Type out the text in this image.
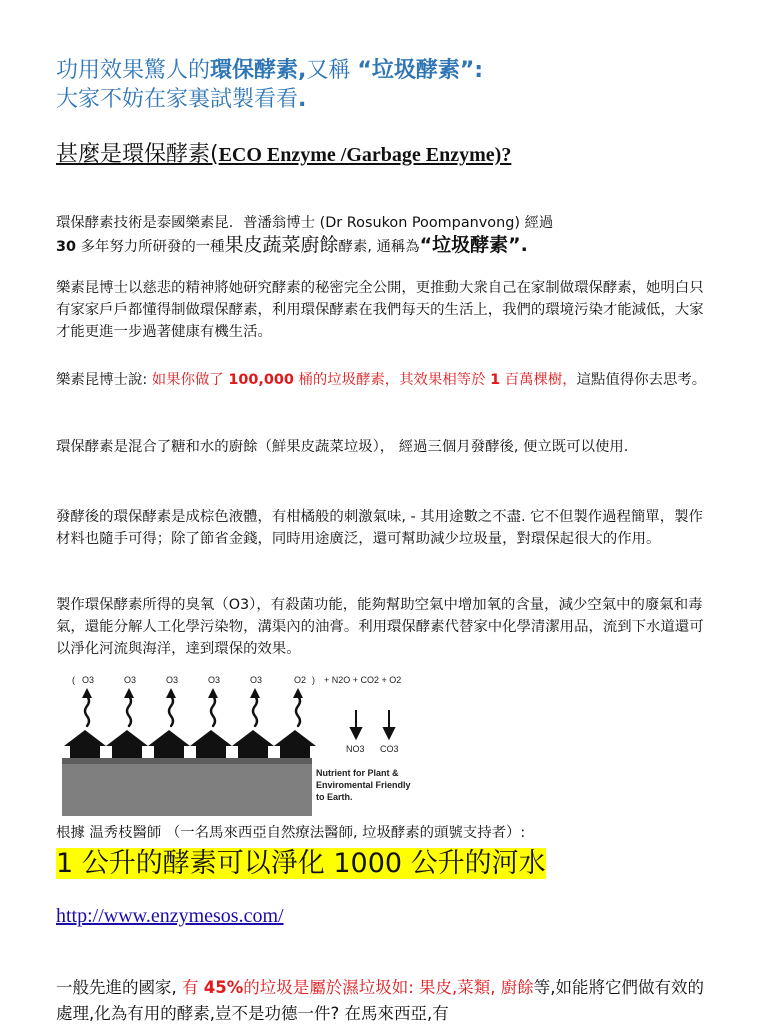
功用效果驚人的環保酵素,又稱 “垃圾酵素”:
大家不妨在家裏試製看看.
甚麼是環保酵素(ECO Enzyme /Garbage Enzyme)?
環保酵素技術是泰國樂素昆．普潘翁博士 (Dr Rosukon Poompanvong) 經過
30 多年努力所研發的一種果皮蔬菜廚餘酵素, 通稱為“垃圾酵素”.
樂素昆博士以慈悲的精神將她研究酵素的秘密完全公開，更推動大衆自己在家制做環保酵素，她明白只有家家戶戶都懂得制做環保酵素，利用環保酵素在我們每天的生活上，我們的環境污染才能減低，大家才能更進一步過著健康有機生活。
樂素昆博士說: 如果你做了 100,000 桶的垃圾酵素，其效果相等於 1 百萬棵樹，這點值得你去思考。
環保酵素是混合了糖和水的廚餘（鮮果皮蔬菜垃圾）， 經過三個月發酵後, 便立既可以使用.
發酵後的環保酵素是成棕色液體，有柑橘般的刺激氣味, - 其用途數之不盡. 它不但製作過程簡單，製作材料也隨手可得；除了節省金錢，同時用途廣泛，還可幫助減少垃圾量，對環保起很大的作用。
製作環保酵素所得的臭氧（O3），有殺菌功能，能夠幫助空氣中增加氧的含量，減少空氣中的廢氣和毒氣，還能分解人工化學污染物，溝渠內的油膏。利用環保酵素代替家中化學清潔用品，流到下水道還可以淨化河流與海洋，達到環保的效果。
( O3	O3	O3	O3	O3	O2 ) + N2O + CO2 + O2
NO3 CO3
Nutrient for Plant &
Enviromental Friendly
to Earth.
根據 温秀枝醫師 （一名馬來西亞自然療法醫師, 垃圾酵素的頭號支持者）:
1 公升的酵素可以淨化 1000 公升的河水
http://www.enzymesos.com/
一般先進的國家, 有 45%的垃圾是屬於濕垃圾如: 果皮,菜類, 廚餘等,如能將它們做有效的處理,化為有用的酵素,豈不是功德一件? 在馬來西亞,有
